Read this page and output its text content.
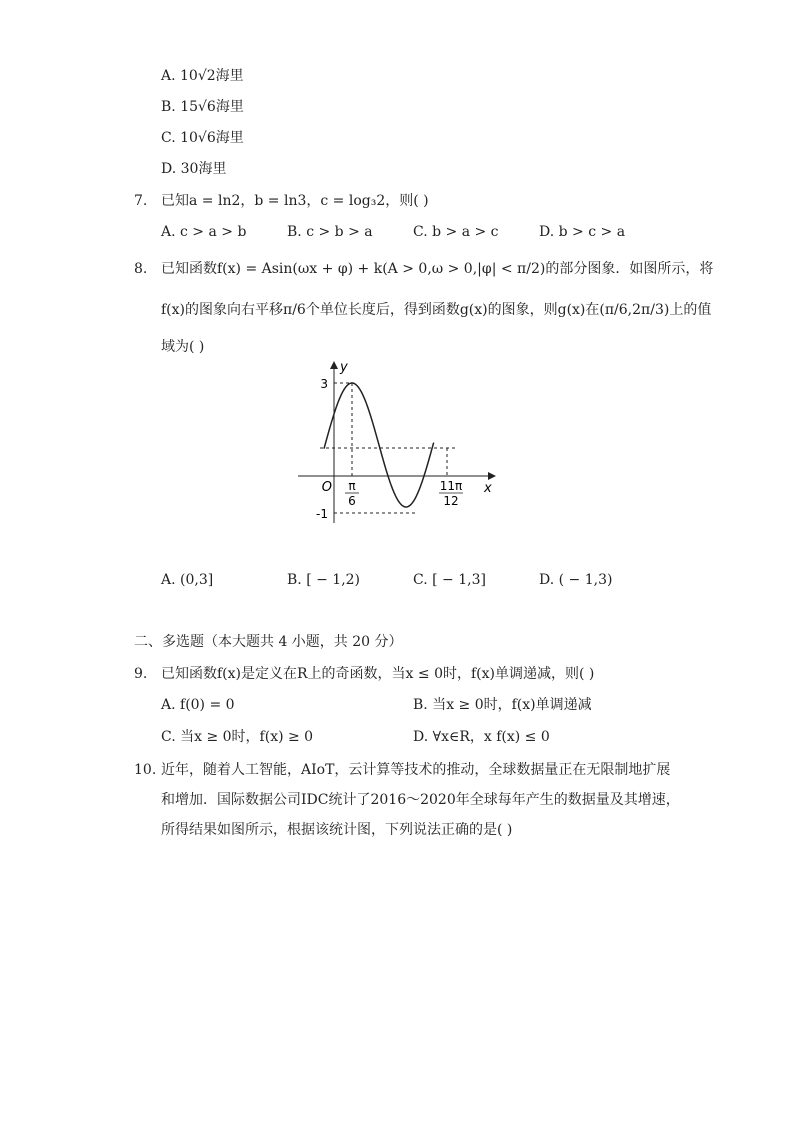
A. 10√2海里
B. 15√6海里
C. 10√6海里
D. 30海里
7. 已知a = ln2，b = ln3，c = log₃2，则( )
A. c > a > b	B. c > b > a	C. b > a > c	D. b > c > a
8. 已知函数f(x) = Asin(ωx + φ) + k(A > 0,ω > 0,|φ| < π/2)的部分图象．如图所示，将
f(x)的图象向右平移π/6个单位长度后，得到函数g(x)的图象，则g(x)在(π/6,2π/3)上的值
域为( )
y
x
O
3
-1
π
6
11π
12
A. (0,3]	B. [ − 1,2)	C. [ − 1,3]	D. ( − 1,3)
二、多选题（本大题共 4 小题，共 20 分）
9. 已知函数f(x)是定义在R上的奇函数，当x ≤ 0时，f(x)单调递减，则( )
A. f(0) = 0	B. 当x ≥ 0时，f(x)单调递减
C. 当x ≥ 0时，f(x) ≥ 0	D. ∀x∈R，x f(x) ≤ 0
10. 近年，随着人工智能，AIoT，云计算等技术的推动，全球数据量正在无限制地扩展
和增加．国际数据公司IDC统计了2016～2020年全球每年产生的数据量及其增速，
所得结果如图所示，根据该统计图，下列说法正确的是( )
